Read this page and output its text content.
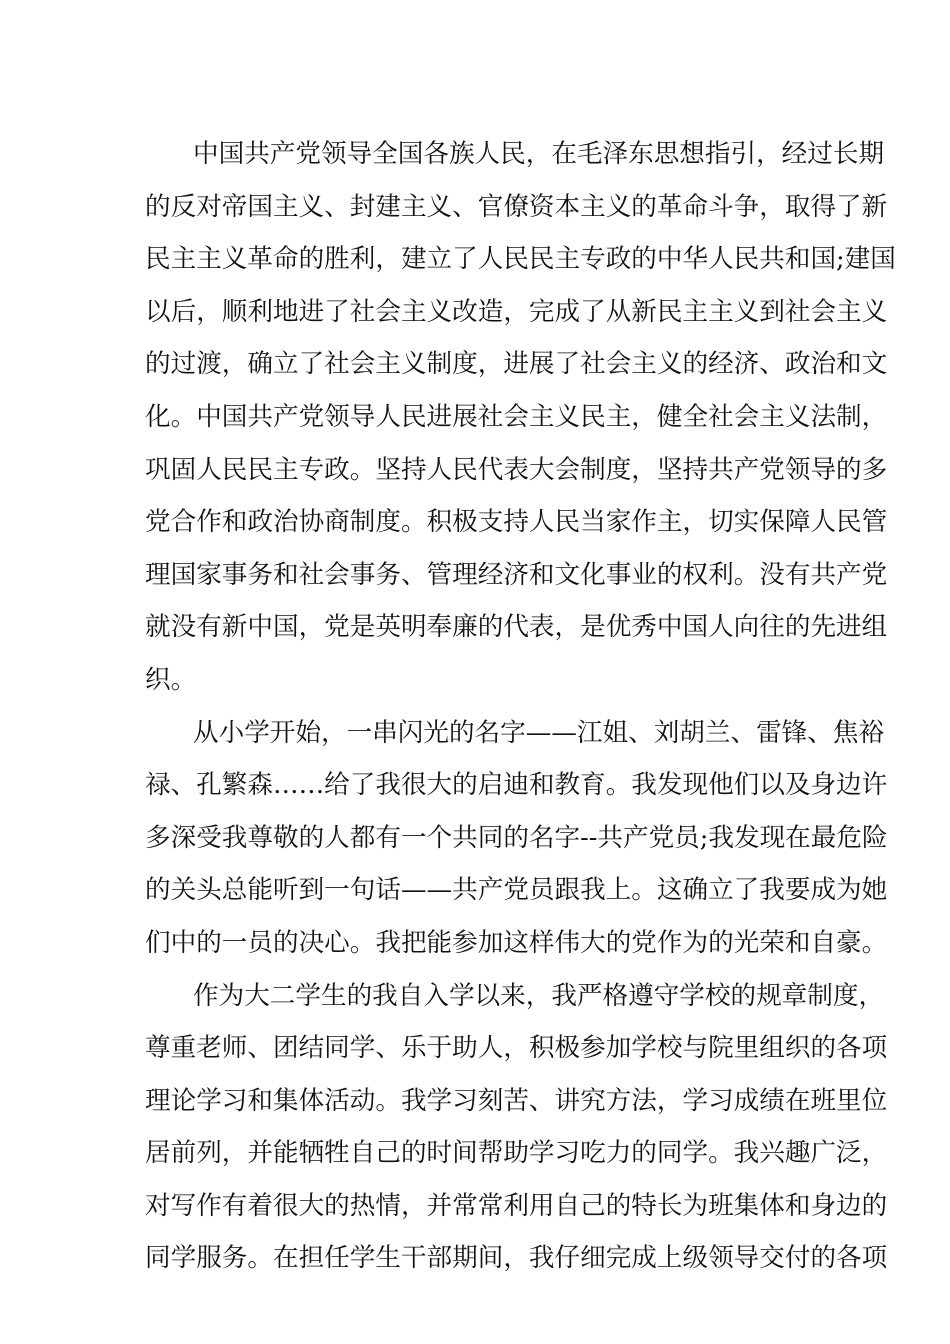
中国共产党领导全国各族人民，在毛泽东思想指引，经过长期
的反对帝国主义、封建主义、官僚资本主义的革命斗争，取得了新
民主主义革命的胜利，建立了人民民主专政的中华人民共和国;建国
以后，顺利地进了社会主义改造，完成了从新民主主义到社会主义
的过渡，确立了社会主义制度，进展了社会主义的经济、政治和文
化。中国共产党领导人民进展社会主义民主，健全社会主义法制，
巩固人民民主专政。坚持人民代表大会制度，坚持共产党领导的多
党合作和政治协商制度。积极支持人民当家作主，切实保障人民管
理国家事务和社会事务、管理经济和文化事业的权利。没有共产党
就没有新中国，党是英明奉廉的代表，是优秀中国人向往的先进组
织。
从小学开始，一串闪光的名字——江姐、刘胡兰、雷锋、焦裕
禄、孔繁森……给了我很大的启迪和教育。我发现他们以及身边许
多深受我尊敬的人都有一个共同的名字--共产党员;我发现在最危险
的关头总能听到一句话——共产党员跟我上。这确立了我要成为她
们中的一员的决心。我把能参加这样伟大的党作为的光荣和自豪。
作为大二学生的我自入学以来，我严格遵守学校的规章制度，
尊重老师、团结同学、乐于助人，积极参加学校与院里组织的各项
理论学习和集体活动。我学习刻苦、讲究方法，学习成绩在班里位
居前列，并能牺牲自己的时间帮助学习吃力的同学。我兴趣广泛，
对写作有着很大的热情，并常常利用自己的特长为班集体和身边的
同学服务。在担任学生干部期间，我仔细完成上级领导交付的各项
